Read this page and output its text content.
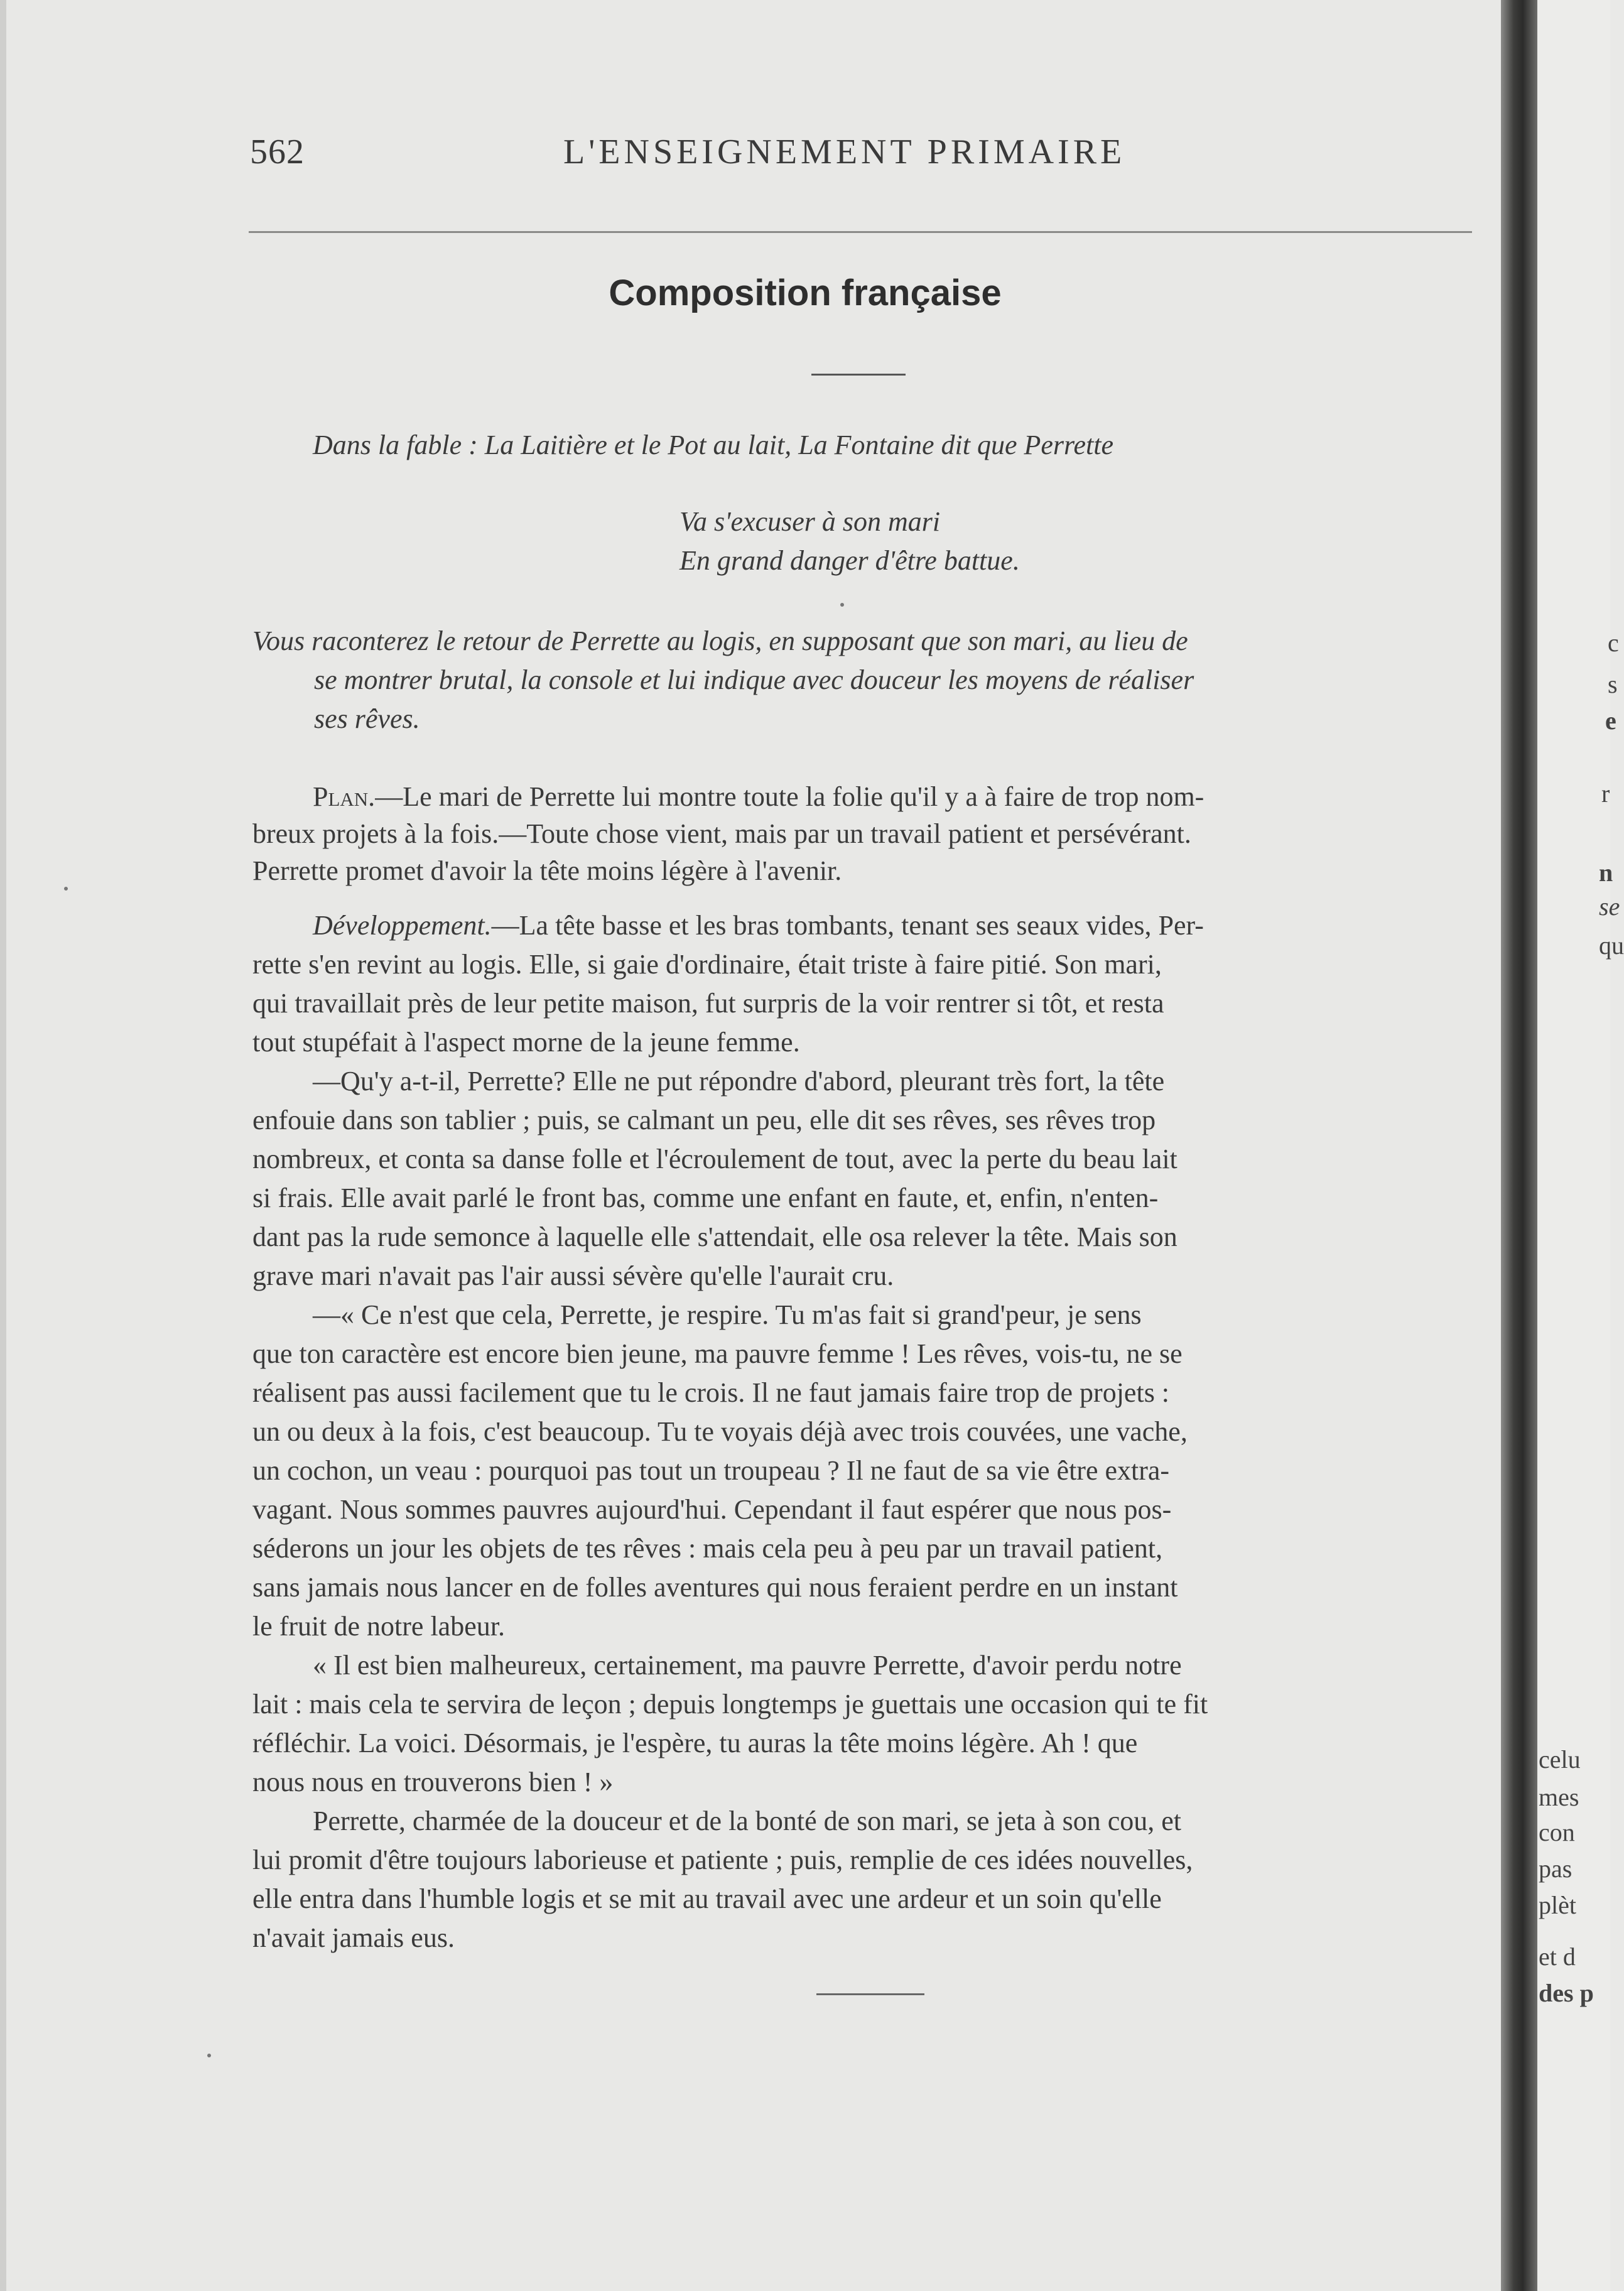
562	L'ENSEIGNEMENT PRIMAIRE
Composition française
Dans la fable : La Laitière et le Pot au lait, La Fontaine dit que Perrette
Va s'excuser à son mari
En grand danger d'être battue.
Vous raconterez le retour de Perrette au logis, en supposant que son mari, au lieu de
se montrer brutal, la console et lui indique avec douceur les moyens de réaliser
ses rêves.
Plan.—Le mari de Perrette lui montre toute la folie qu'il y a à faire de trop nom-
breux projets à la fois.—Toute chose vient, mais par un travail patient et persévérant.
Perrette promet d'avoir la tête moins légère à l'avenir.
Développement.—La tête basse et les bras tombants, tenant ses seaux vides, Per-
rette s'en revint au logis. Elle, si gaie d'ordinaire, était triste à faire pitié. Son mari,
qui travaillait près de leur petite maison, fut surpris de la voir rentrer si tôt, et resta
tout stupéfait à l'aspect morne de la jeune femme.
—Qu'y a-t-il, Perrette? Elle ne put répondre d'abord, pleurant très fort, la tête
enfouie dans son tablier ; puis, se calmant un peu, elle dit ses rêves, ses rêves trop
nombreux, et conta sa danse folle et l'écroulement de tout, avec la perte du beau lait
si frais. Elle avait parlé le front bas, comme une enfant en faute, et, enfin, n'enten-
dant pas la rude semonce à laquelle elle s'attendait, elle osa relever la tête. Mais son
grave mari n'avait pas l'air aussi sévère qu'elle l'aurait cru.
—« Ce n'est que cela, Perrette, je respire. Tu m'as fait si grand'peur, je sens
que ton caractère est encore bien jeune, ma pauvre femme ! Les rêves, vois-tu, ne se
réalisent pas aussi facilement que tu le crois. Il ne faut jamais faire trop de projets :
un ou deux à la fois, c'est beaucoup. Tu te voyais déjà avec trois couvées, une vache,
un cochon, un veau : pourquoi pas tout un troupeau ? Il ne faut de sa vie être extra-
vagant. Nous sommes pauvres aujourd'hui. Cependant il faut espérer que nous pos-
séderons un jour les objets de tes rêves : mais cela peu à peu par un travail patient,
sans jamais nous lancer en de folles aventures qui nous feraient perdre en un instant
le fruit de notre labeur.
« Il est bien malheureux, certainement, ma pauvre Perrette, d'avoir perdu notre
lait : mais cela te servira de leçon ; depuis longtemps je guettais une occasion qui te fit
réfléchir. La voici. Désormais, je l'espère, tu auras la tête moins légère. Ah ! que
nous nous en trouverons bien ! »
Perrette, charmée de la douceur et de la bonté de son mari, se jeta à son cou, et
lui promit d'être toujours laborieuse et patiente ; puis, remplie de ces idées nouvelles,
elle entra dans l'humble logis et se mit au travail avec une ardeur et un soin qu'elle
n'avait jamais eus.
c
s
e
r
n
se
qu
celu
mes
con
pas
plèt
et d
des p
